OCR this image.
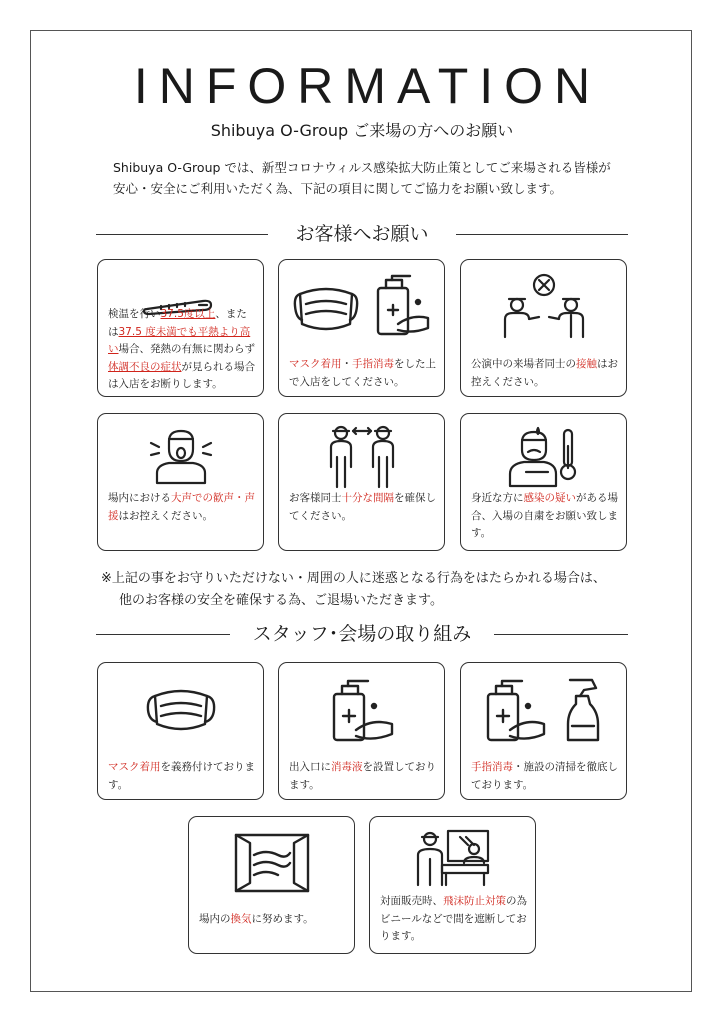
INFORMATION
Shibuya O-Group ご来場の方へのお願い
Shibuya O-Group では、新型コロナウィルス感染拡大防止策としてご来場される皆様が
安心・安全にご利用いただく為、下記の項目に関してご協力をお願い致します。
お客様へお願い
検温を行い37.5度以上、または37.5 度未満でも平熱より高い場合、発熱の有無に関わらず体調不良の症状が見られる場合は入店をお断りします。
マスク着用・手指消毒をした上で入店をしてください。
公演中の来場者同士の接触はお控えください。
場内における大声での歓声・声援はお控えください。
お客様同士十分な間隔を確保してください。
身近な方に感染の疑いがある場合、入場の自粛をお願い致します。
※上記の事をお守りいただけない・周囲の人に迷惑となる行為をはたらかれる場合は、
他のお客様の安全を確保する為、ご退場いただきます。
スタッフ･会場の取り組み
マスク着用を義務付けております。
出入口に消毒液を設置しております。
手指消毒・施設の清掃を徹底しております。
場内の換気に努めます。
対面販売時、飛沫防止対策の為ビニールなどで間を遮断しております。
